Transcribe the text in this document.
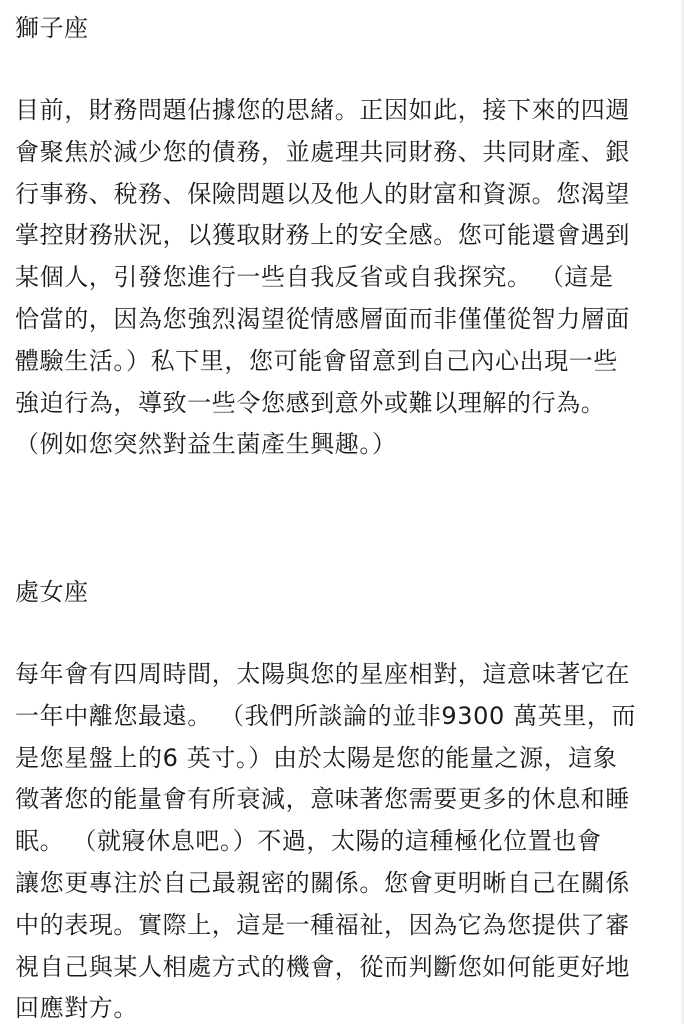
獅子座
目前，財務問題佔據您的思緒。正因如此，接下來的四週
會聚焦於減少您的債務，並處理共同財務、共同財產、銀
行事務、稅務、保險問題以及他人的財富和資源。您渴望
掌控財務狀況，以獲取財務上的安全感。您可能還會遇到
某個人，引發您進行一些自我反省或自我探究。 （這是
恰當的，因為您強烈渴望從情感層面而非僅僅從智力層面
體驗生活。）私下里，您可能會留意到自己內心出現一些
強迫行為，導致一些令您感到意外或難以理解的行為。
（例如您突然對益生菌產生興趣。）
處女座
每年會有四周時間，太陽與您的星座相對，這意味著它在
一年中離您最遠。 （我們所談論的並非9300 萬英里，而
是您星盤上的6 英寸。）由於太陽是您的能量之源，這象
徵著您的能量會有所衰減，意味著您需要更多的休息和睡
眠。 （就寢休息吧。）不過，太陽的這種極化位置也會
讓您更專注於自己最親密的關係。您會更明晰自己在關係
中的表現。實際上，這是一種福祉，因為它為您提供了審
視自己與某人相處方式的機會，從而判斷您如何能更好地
回應對方。
